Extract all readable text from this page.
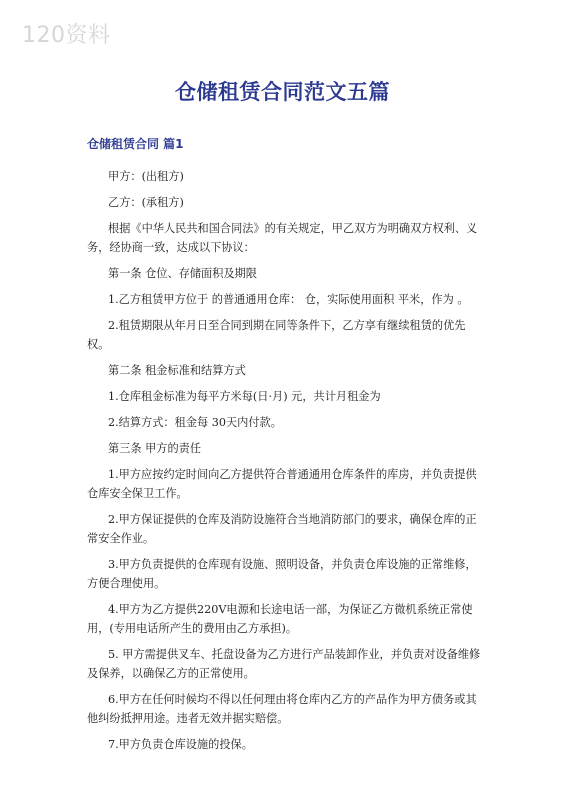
120资料
仓储租赁合同范文五篇
仓储租赁合同 篇1

甲方：(出租方)

乙方：(承租方)

根据《中华人民共和国合同法》的有关规定，甲乙双方为明确双方权利、义务，经协商一致，达成以下协议：

第一条 仓位、存储面积及期限

1.乙方租赁甲方位于 的普通通用仓库： 仓，实际使用面积 平米，作为 。

2.租赁期限从年月日至合同到期在同等条件下，乙方享有继续租赁的优先权。

第二条 租金标准和结算方式

1.仓库租金标准为每平方米每(日·月) 元，共计月租金为

2.结算方式：租金每 30天内付款。

第三条 甲方的责任

1.甲方应按约定时间向乙方提供符合普通通用仓库条件的库房，并负责提供仓库安全保卫工作。

2.甲方保证提供的仓库及消防设施符合当地消防部门的要求，确保仓库的正常安全作业。

3.甲方负责提供的仓库现有设施、照明设备，并负责仓库设施的正常维修，方便合理使用。

4.甲方为乙方提供220V电源和长途电话一部，为保证乙方微机系统正常使用，(专用电话所产生的费用由乙方承担)。

5. 甲方需提供叉车、托盘设备为乙方进行产品装卸作业，并负责对设备维修及保养，以确保乙方的正常使用。

6.甲方在任何时候均不得以任何理由将仓库内乙方的产品作为甲方债务或其他纠纷抵押用途。违者无效并据实赔偿。

7.甲方负责仓库设施的投保。
